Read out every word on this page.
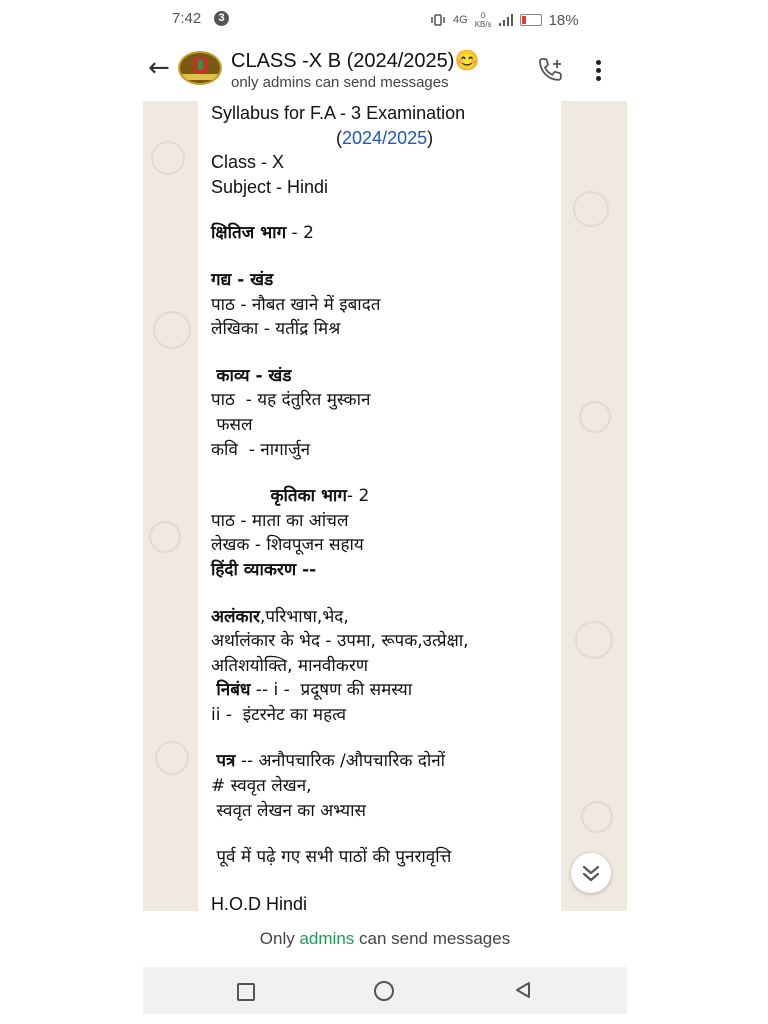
7:42	3	4G	0
KB/s	18%
←	CLASS -X B (2024/2025)😊
only admins can send messages
Syllabus for F.A - 3 Examination
(2024/2025)
Class - X
Subject - Hindi
क्षितिज भाग - 2
गद्य - खंड
पाठ - नौबत खाने में इबादत
लेखिका - यतींद्र मिश्र
काव्य - खंड
पाठ  - यह दंतुरित मुस्कान
फसल
कवि  - नागार्जुन
कृतिका भाग- 2
पाठ - माता का आंचल
लेखक - शिवपूजन सहाय
हिंदी व्याकरण --
अलंकार,परिभाषा,भेद,
अर्थालंकार के भेद - उपमा, रूपक,उत्प्रेक्षा,
अतिशयोक्ति, मानवीकरण
निबंध -- i -  प्रदूषण की समस्या
ii -  इंटरनेट का महत्व
पत्र -- अनौपचारिक /औपचारिक दोनों
# स्ववृत लेखन,
स्ववृत लेखन का अभ्यास
पूर्व में पढ़े गए सभी पाठों की पुनरावृत्ति
H.O.D Hindi
Only admins can send messages
